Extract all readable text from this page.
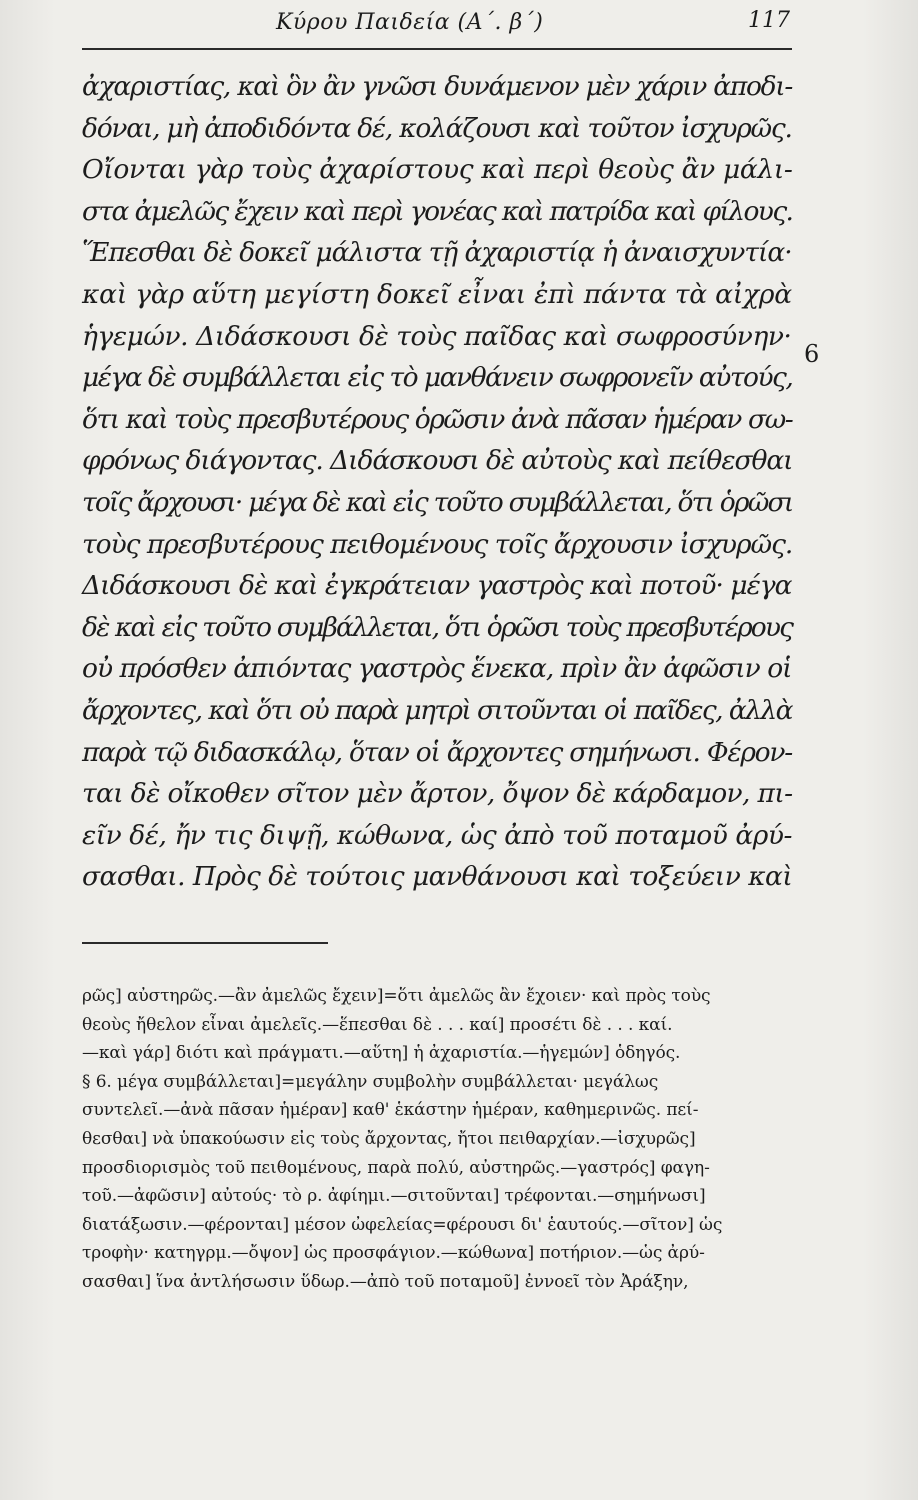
Κύρου Παιδεία (Α΄. β΄)	117
ἀχαριστίας, καὶ ὃν ἂν γνῶσι δυνάμενον μὲν χάριν ἀποδι-
δόναι, μὴ ἀποδιδόντα δέ, κολάζουσι καὶ τοῦτον ἰσχυρῶς.
Οἴονται γὰρ τοὺς ἀχαρίστους καὶ περὶ θεοὺς ἂν μάλι-
στα ἀμελῶς ἔχειν καὶ περὶ γονέας καὶ πατρίδα καὶ φίλους.
Ἕπεσθαι δὲ δοκεῖ μάλιστα τῇ ἀχαριστίᾳ ἡ ἀναισχυντία·
καὶ γὰρ αὕτη μεγίστη δοκεῖ εἶναι ἐπὶ πάντα τὰ αἰχρὰ
ἡγεμών. Διδάσκουσι δὲ τοὺς παῖδας καὶ σωφροσύνην·
μέγα δὲ συμβάλλεται εἰς τὸ μανθάνειν σωφρονεῖν αὐτούς,
ὅτι καὶ τοὺς πρεσβυτέρους ὁρῶσιν ἀνὰ πᾶσαν ἡμέραν σω-
φρόνως διάγοντας. Διδάσκουσι δὲ αὐτοὺς καὶ πείθεσθαι
τοῖς ἄρχουσι· μέγα δὲ καὶ εἰς τοῦτο συμβάλλεται, ὅτι ὁρῶσι
τοὺς πρεσβυτέρους πειθομένους τοῖς ἄρχουσιν ἰσχυρῶς.
Διδάσκουσι δὲ καὶ ἐγκράτειαν γαστρὸς καὶ ποτοῦ· μέγα
δὲ καὶ εἰς τοῦτο συμβάλλεται, ὅτι ὁρῶσι τοὺς πρεσβυτέρους
οὐ πρόσθεν ἀπιόντας γαστρὸς ἕνεκα, πρὶν ἂν ἀφῶσιν οἱ
ἄρχοντες, καὶ ὅτι οὐ παρὰ μητρὶ σιτοῦνται οἱ παῖδες, ἀλλὰ
παρὰ τῷ διδασκάλῳ, ὅταν οἱ ἄρχοντες σημήνωσι. Φέρον-
ται δὲ οἴκοθεν σῖτον μὲν ἄρτον, ὄψον δὲ κάρδαμον, πι-
εῖν δέ, ἤν τις διψῇ, κώθωνα, ὡς ἀπὸ τοῦ ποταμοῦ ἀρύ-
σασθαι. Πρὸς δὲ τούτοις μανθάνουσι καὶ τοξεύειν καὶ
6
ρῶς] αὐστηρῶς.—ἂν ἀμελῶς ἔχειν]=ὅτι ἀμελῶς ἂν ἔχοιεν· καὶ πρὸς τοὺς
θεοὺς ἤθελον εἶναι ἀμελεῖς.—ἕπεσθαι δὲ . . . καί] προσέτι δὲ . . . καί.
—καὶ γάρ] διότι καὶ πράγματι.—αὕτη] ἡ ἀχαριστία.—ἡγεμών] ὁδηγός.
§ 6. μέγα συμβάλλεται]=μεγάλην συμβολὴν συμβάλλεται· μεγάλως
συντελεῖ.—ἀνὰ πᾶσαν ἡμέραν] καθ' ἑκάστην ἡμέραν, καθημερινῶς. πεί-
θεσθαι] νὰ ὑπακούωσιν εἰς τοὺς ἄρχοντας, ἤτοι πειθαρχίαν.—ἰσχυρῶς]
προσδιορισμὸς τοῦ πειθομένους, παρὰ πολύ, αὐστηρῶς.—γαστρός] φαγη-
τοῦ.—ἀφῶσιν] αὐτούς· τὸ ρ. ἀφίημι.—σιτοῦνται] τρέφονται.—σημήνωσι]
διατάξωσιν.—φέρονται] μέσον ὠφελείας=φέρουσι δι' ἑαυτούς.—σῖτον] ὡς
τροφὴν· κατηγρμ.—ὄψον] ὡς προσφάγιον.—κώθωνα] ποτήριον.—ὡς ἀρύ-
σασθαι] ἵνα ἀντλήσωσιν ὕδωρ.—ἀπὸ τοῦ ποταμοῦ] ἐννοεῖ τὸν Ἀράξην,
